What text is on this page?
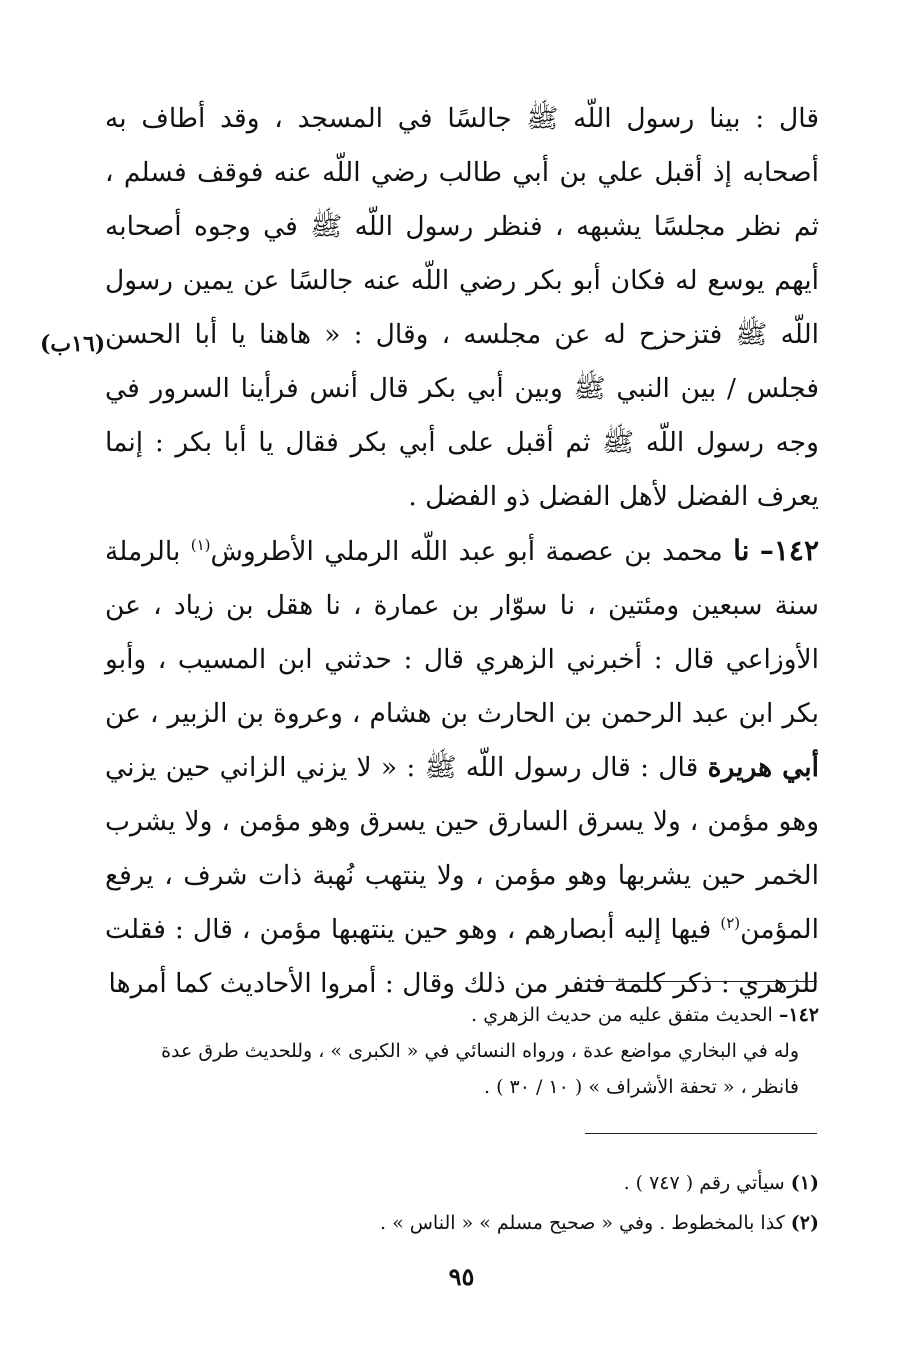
قال : بينا رسول اللّه ﷺ جالسًا في المسجد ، وقد أطاف به أصحابه إذ أقبل علي بن أبي طالب رضي اللّه عنه فوقف فسلم ، ثم نظر مجلسًا يشبهه ، فنظر رسول اللّه ﷺ في وجوه أصحابه أيهم يوسع له فكان أبو بكر رضي اللّه عنه جالسًا عن يمين رسول اللّه ﷺ فتزحزح له عن مجلسه ، وقال : « هاهنا يا أبا الحسن فجلس / بين النبي ﷺ وبين أبي بكر قال أنس فرأينا السرور في وجه رسول اللّه ﷺ ثم أقبل على أبي بكر فقال يا أبا بكر : إنما يعرف الفضل لأهل الفضل ذو الفضل .

١٤٢– نا محمد بن عصمة أبو عبد اللّه الرملي الأطروش$^{(١)}$ بالرملة سنة سبعين ومئتين ، نا سوّار بن عمارة ، نا هقل بن زياد ، عن الأوزاعي قال : أخبرني الزهري قال : حدثني ابن المسيب ، وأبو بكر ابن عبد الرحمن بن الحارث بن هشام ، وعروة بن الزبير ، عن أبي هريرة قال : قال رسول اللّه ﷺ : « لا يزني الزاني حين يزني وهو مؤمن ، ولا يسرق السارق حين يسرق وهو مؤمن ، ولا يشرب الخمر حين يشربها وهو مؤمن ، ولا ينتهب نُهبة ذات شرف ، يرفع المؤمن$^{(٢)}$ فيها إليه أبصارهم ، وهو حين ينتهبها مؤمن ، قال : فقلت للزهري : ذكر كلمة فنفر من ذلك وقال : أمروا الأحاديث كما أمرها

(١٦ب)

١٤٢– الحديث متفق عليه من حديث الزهري .

وله في البخاري مواضع عدة ، ورواه النسائي في « الكبرى » ، وللحديث طرق عدة

فانظر ، « تحفة الأشراف » ( ١٠ / ٣٠ ) .

(١) سيأتي رقم ( ٧٤٧ ) .

(٢) كذا بالمخطوط . وفي « صحيح مسلم » « الناس » .

٩٥
